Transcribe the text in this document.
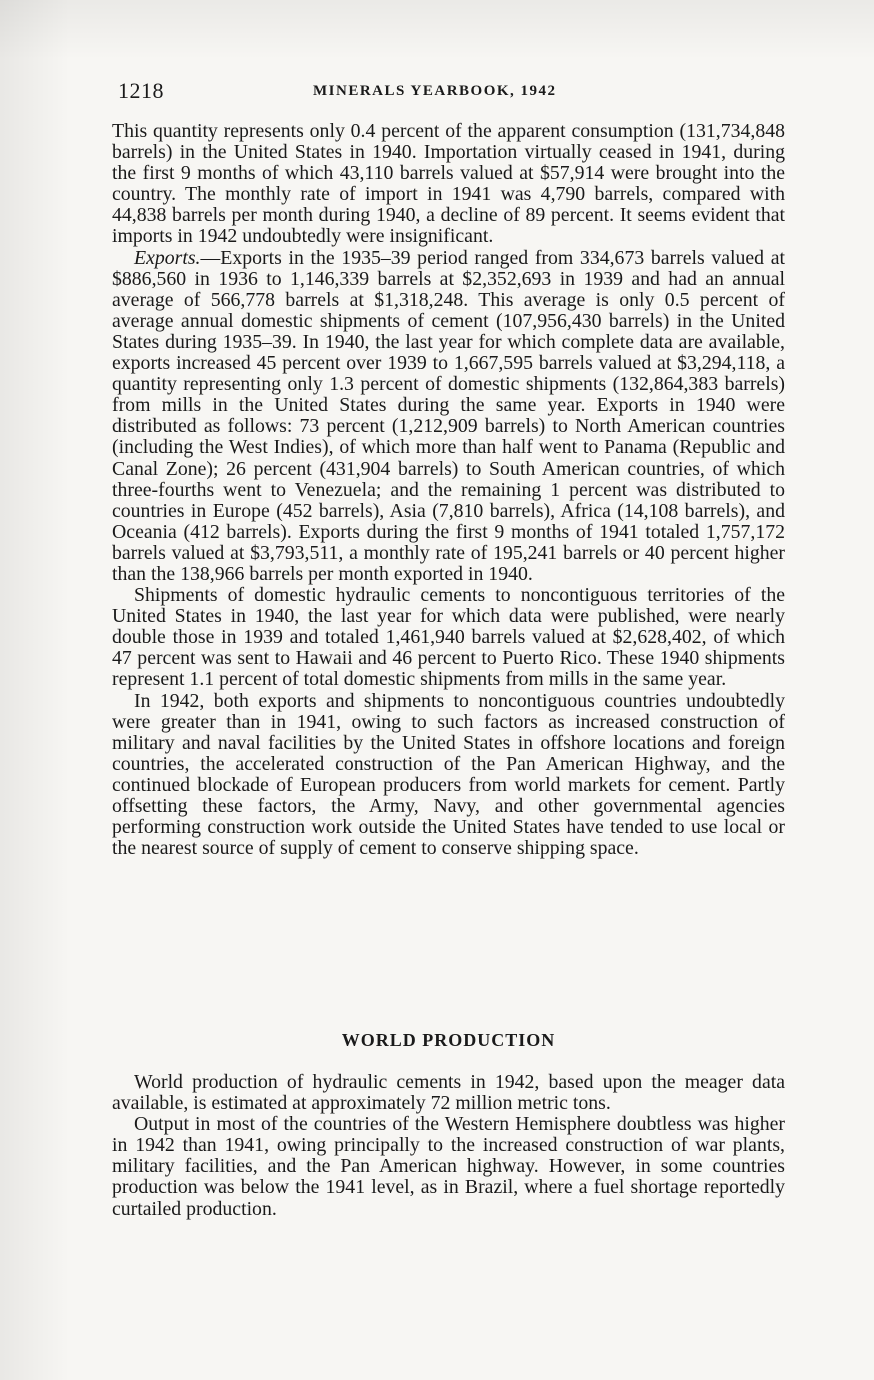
1218	MINERALS YEARBOOK, 1942

This quantity represents only 0.4 percent of the apparent consumption (131,734,848 barrels) in the United States in 1940. Importation virtually ceased in 1941, during the first 9 months of which 43,110 barrels valued at $57,914 were brought into the country. The monthly rate of import in 1941 was 4,790 barrels, compared with 44,838 barrels per month during 1940, a decline of 89 percent. It seems evident that imports in 1942 undoubtedly were insignificant.

Exports.—Exports in the 1935–39 period ranged from 334,673 barrels valued at $886,560 in 1936 to 1,146,339 barrels at $2,352,693 in 1939 and had an annual average of 566,778 barrels at $1,318,248. This average is only 0.5 percent of average annual domestic shipments of cement (107,956,430 barrels) in the United States during 1935–39. In 1940, the last year for which complete data are available, exports increased 45 percent over 1939 to 1,667,595 barrels valued at $3,294,118, a quantity representing only 1.3 percent of domestic shipments (132,864,383 barrels) from mills in the United States during the same year. Exports in 1940 were distributed as follows: 73 percent (1,212,909 barrels) to North American countries (including the West Indies), of which more than half went to Panama (Republic and Canal Zone); 26 percent (431,904 barrels) to South American countries, of which three-fourths went to Venezuela; and the remaining 1 percent was distributed to countries in Europe (452 barrels), Asia (7,810 barrels), Africa (14,108 barrels), and Oceania (412 barrels). Exports during the first 9 months of 1941 totaled 1,757,172 barrels valued at $3,793,511, a monthly rate of 195,241 barrels or 40 percent higher than the 138,966 barrels per month exported in 1940.

Shipments of domestic hydraulic cements to noncontiguous territories of the United States in 1940, the last year for which data were published, were nearly double those in 1939 and totaled 1,461,940 barrels valued at $2,628,402, of which 47 percent was sent to Hawaii and 46 percent to Puerto Rico. These 1940 shipments represent 1.1 percent of total domestic shipments from mills in the same year.

In 1942, both exports and shipments to noncontiguous countries undoubtedly were greater than in 1941, owing to such factors as increased construction of military and naval facilities by the United States in offshore locations and foreign countries, the accelerated construction of the Pan American Highway, and the continued blockade of European producers from world markets for cement. Partly offsetting these factors, the Army, Navy, and other governmental agencies performing construction work outside the United States have tended to use local or the nearest source of supply of cement to conserve shipping space.

WORLD PRODUCTION

World production of hydraulic cements in 1942, based upon the meager data available, is estimated at approximately 72 million metric tons.

Output in most of the countries of the Western Hemisphere doubtless was higher in 1942 than 1941, owing principally to the increased construction of war plants, military facilities, and the Pan American highway. However, in some countries production was below the 1941 level, as in Brazil, where a fuel shortage reportedly curtailed production.
